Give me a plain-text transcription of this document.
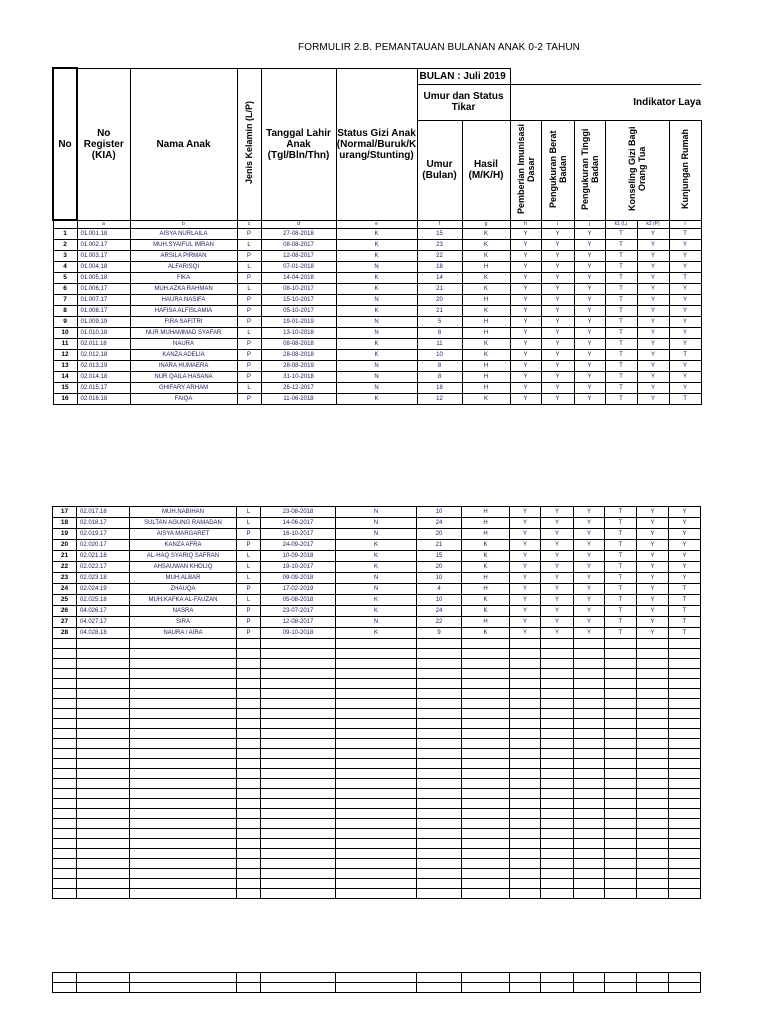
FORMULIR 2.B. PEMANTAUAN BULANAN ANAK 0-2 TAHUN
No	No Register (KIA)	Nama Anak	Jenis Kelamin (L/P)	Tanggal Lahir Anak (Tgl/Bln/Thn)	Status Gizi Anak (Normal/Buruk/Kurang/Stunting)	BULAN : Juli 2019							
						Umur dan Status Tikar		Indikator Laya					
						Umur (Bulan)	Hasil (M/K/H)	Pemberian Imunisasi Dasar	Pengukuran Berat Badan	Pengukuran Tinggi Badan	Konseling Gizi Bagi Orang Tua		Kunjungan Rumah
	a	b	c	d	e	f	g	h	i	j	k1 (L)	k2 (P)	l
1	01.001.18	AISYA NURLAILA	P	27-08-2018	K	15	K	Y	Y	Y	T	Y	T
2	01.002.17	MUH.SYAIFUL IMRAN	L	08-08-2017	K	23	K	Y	Y	Y	T	Y	Y
3	01.003.17	ARSILA PIRMAN	P	12-08-2017	K	22	K	Y	Y	Y	T	Y	Y
4	01.004.18	ALFARISQI	L	07-01-2018	N	18	H	Y	Y	Y	T	Y	Y
5	01.005.18	FIKA	P	14-04-2018	K	14	K	Y	Y	Y	T	Y	T
6	01.006.17	MUH.AZKA RAHMAN	L	08-10-2017	K	21	K	Y	Y	Y	T	Y	Y
7	01.007.17	HAURA NASIFA	P	15-10-2017	N	20	H	Y	Y	Y	T	Y	Y
8	01.008.17	HAFISA ALFISLAMIA	P	05-10-2017	K	21	K	Y	Y	Y	T	Y	Y
9	01.009.19	FIRA SAFITRI	P	19-01-2019	N	5	H	Y	Y	Y	T	Y	Y
10	01.010.18	NUR MUHAMMAD SYAFAR	L	13-10-2018	N	8	H	Y	Y	Y	T	Y	Y
11	02.011.18	NAURA	P	08-08-2018	K	11	K	Y	Y	Y	T	Y	Y
12	02.012.18	KANZA ADELIA	P	28-08-2018	K	10	K	Y	Y	Y	T	Y	T
13	02.013.19	INARA HUMAERA	P	28-08-2019	N	8	H	Y	Y	Y	T	Y	Y
14	02.014.18	NUR QAILA HASANA	P	31-10-2018	N	8	H	Y	Y	Y	T	Y	Y
15	02.015.17	GHIFARY ARHAM	L	26-12-2017	N	18	H	Y	Y	Y	T	Y	Y
16	02.016.18	FAIQA	P	11-06-2018	K	12	K	Y	Y	Y	T	Y	T
17	02.017.18	MUH.NABIHAN	L	23-08-2018	N	10	H	Y	Y	Y	T	Y	Y
18	02.018.17	SULTAN AGUNG RAMADAN	L	14-06-2017	N	24	H	Y	Y	Y	T	Y	Y
19	02.019.17	AISYA MARGARET	P	16-10-2017	N	20	H	Y	Y	Y	T	Y	Y
20	02.020.17	KANZA AFRA	P	24-09-2017	K	21	K	Y	Y	Y	T	Y	Y
21	02.021.18	AL-HAQ SYARIQ SAFRAN	L	10-09-2018	K	15	K	Y	Y	Y	T	Y	Y
22	02.022.17	AHSAUWAN KHOLIQ	L	19-10-2017	K	20	K	Y	Y	Y	T	Y	Y
23	02.023.18	MUH.ALBAR	L	09-09-2018	N	10	H	Y	Y	Y	T	Y	Y
24	02.024.19	ZHAUQA	P	17-02-2019	N	4	H	Y	Y	Y	T	Y	T
25	02.025.18	MUH.KAFKA AL-FAUZAN	L	05-08-2018	K	10	K	Y	Y	Y	T	Y	T
26	04.026.17	NASRA	P	23-07-2017	K	24	K	Y	Y	Y	T	Y	T
27	04.027.17	SIRA	P	12-08-2017	N	22	H	Y	Y	Y	T	Y	T
28	04.028.18	NAURA / AIRA	P	09-10-2018	K	9	K	Y	Y	Y	T	Y	T
